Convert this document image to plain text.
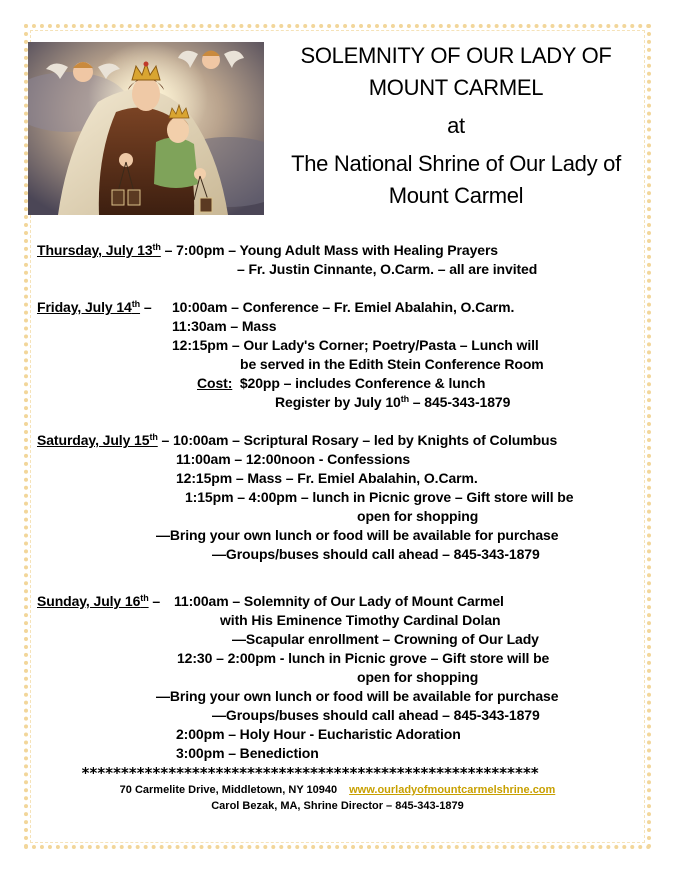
SOLEMNITY OF OUR LADY OF
MOUNT CARMEL
at
The National Shrine of Our Lady of
Mount Carmel
Thursday, July 13th – 7:00pm – Young Adult Mass with Healing Prayers
– Fr. Justin Cinnante, O.Carm. – all are invited
Friday, July 14th – 10:00am – Conference – Fr. Emiel Abalahin, O.Carm.
11:30am – Mass
12:15pm – Our Lady's Corner; Poetry/Pasta – Lunch will
be served in the Edith Stein Conference Room
Cost:  $20pp – includes Conference & lunch
Register by July 10th – 845-343-1879
Saturday, July 15th – 10:00am – Scriptural Rosary – led by Knights of Columbus
11:00am – 12:00noon - Confessions
12:15pm – Mass – Fr. Emiel Abalahin, O.Carm.
1:15pm – 4:00pm – lunch in Picnic grove – Gift store will be
open for shopping
—Bring your own lunch or food will be available for purchase
—Groups/buses should call ahead – 845-343-1879
Sunday, July 16th – 11:00am – Solemnity of Our Lady of Mount Carmel
with His Eminence Timothy Cardinal Dolan
—Scapular enrollment – Crowning of Our Lady
12:30 – 2:00pm - lunch in Picnic grove – Gift store will be
open for shopping
—Bring your own lunch or food will be available for purchase
—Groups/buses should call ahead – 845-343-1879
2:00pm – Holy Hour - Eucharistic Adoration
3:00pm – Benediction
**********************************************************
70 Carmelite Drive, Middletown, NY 10940 www.ourladyofmountcarmelshrine.com
Carol Bezak, MA, Shrine Director – 845-343-1879
